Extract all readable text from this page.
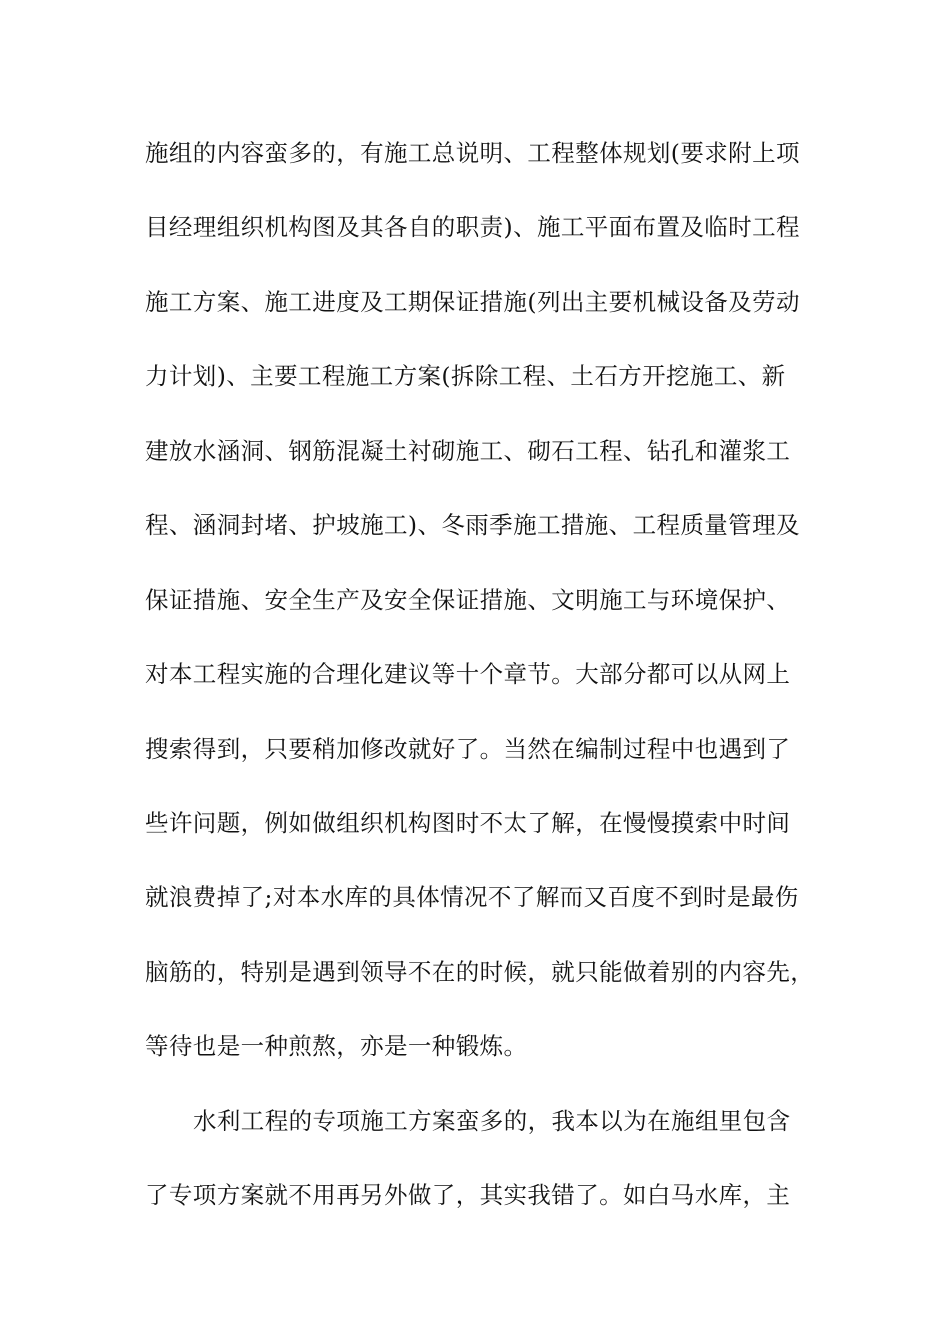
施组的内容蛮多的，有施工总说明、工程整体规划(要求附上项
目经理组织机构图及其各自的职责)、施工平面布置及临时工程
施工方案、施工进度及工期保证措施(列出主要机械设备及劳动
力计划)、主要工程施工方案(拆除工程、土石方开挖施工、新
建放水涵洞、钢筋混凝土衬砌施工、砌石工程、钻孔和灌浆工
程、涵洞封堵、护坡施工)、冬雨季施工措施、工程质量管理及
保证措施、安全生产及安全保证措施、文明施工与环境保护、
对本工程实施的合理化建议等十个章节。大部分都可以从网上
搜索得到，只要稍加修改就好了。当然在编制过程中也遇到了
些许问题，例如做组织机构图时不太了解，在慢慢摸索中时间
就浪费掉了;对本水库的具体情况不了解而又百度不到时是最伤
脑筋的，特别是遇到领导不在的时候，就只能做着别的内容先，
等待也是一种煎熬，亦是一种锻炼。
水利工程的专项施工方案蛮多的，我本以为在施组里包含
了专项方案就不用再另外做了，其实我错了。如白马水库，主
